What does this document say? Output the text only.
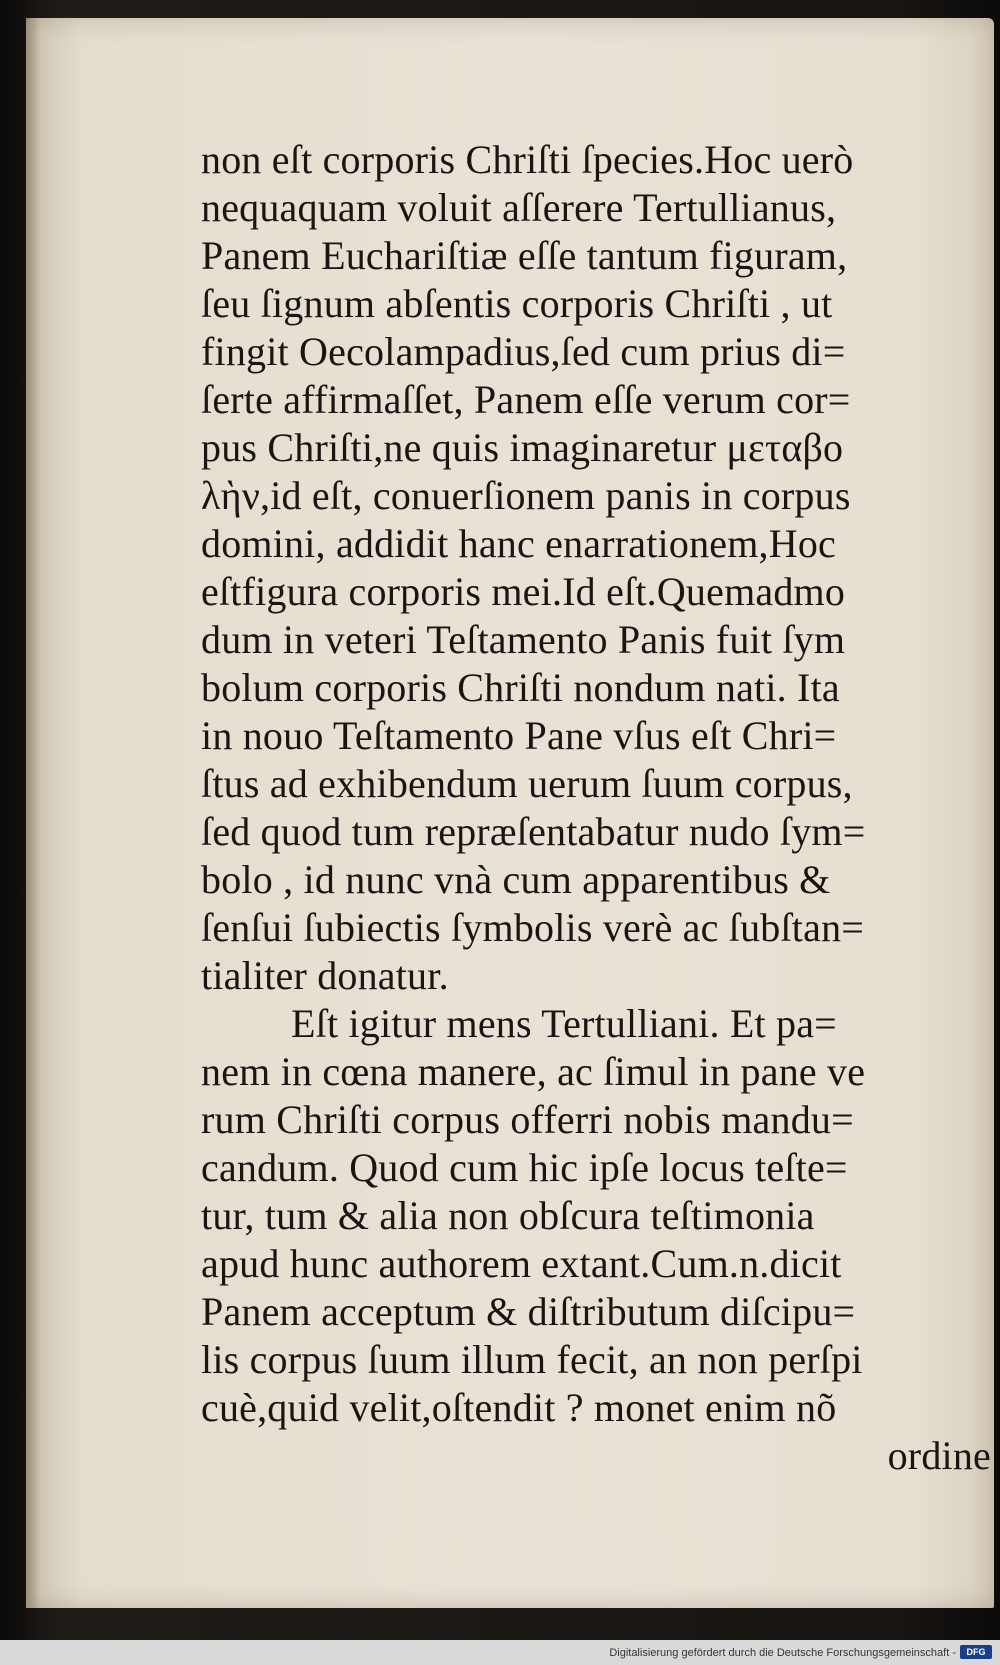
non eſt corporis Chriſti ſpecies.Hoc uerò
nequaquam voluit aſſerere Tertullianus,
Panem Euchariſtiæ eſſe tantum figuram,
ſeu ſignum abſentis corporis Chriſti , ut
fingit Oecolampadius,ſed cum prius di=
ſerte affirmaſſet, Panem eſſe verum cor=
pus Chriſti,ne quis imaginaretur μεταβο
λὴν,id eſt, conuerſionem panis in corpus
domini, addidit hanc enarrationem,Hoc
eſtfigura corporis mei.Id eſt.Quemadmo
dum in veteri Teſtamento Panis fuit ſym
bolum corporis Chriſti nondum nati. Ita
in nouo Teſtamento Pane vſus eſt Chri=
ſtus ad exhibendum uerum ſuum corpus,
ſed quod tum repræſentabatur nudo ſym=
bolo , id nunc vnà cum apparentibus &
ſenſui ſubiectis ſymbolis verè ac ſubſtan=
tialiter donatur.
Eſt igitur mens Tertulliani. Et pa=
nem in cœna manere, ac ſimul in pane ve
rum Chriſti corpus offerri nobis mandu=
candum. Quod cum hic ipſe locus teſte=
tur, tum & alia non obſcura teſtimonia
apud hunc authorem extant.Cum.n.dicit
Panem acceptum & diſtributum diſcipu=
lis corpus ſuum illum fecit, an non perſpi
cuè,quid velit,oſtendit ? monet enim nõ
ordine
Digitalisierung gefördert durch die Deutsche Forschungsgemeinschaft -	DFG
